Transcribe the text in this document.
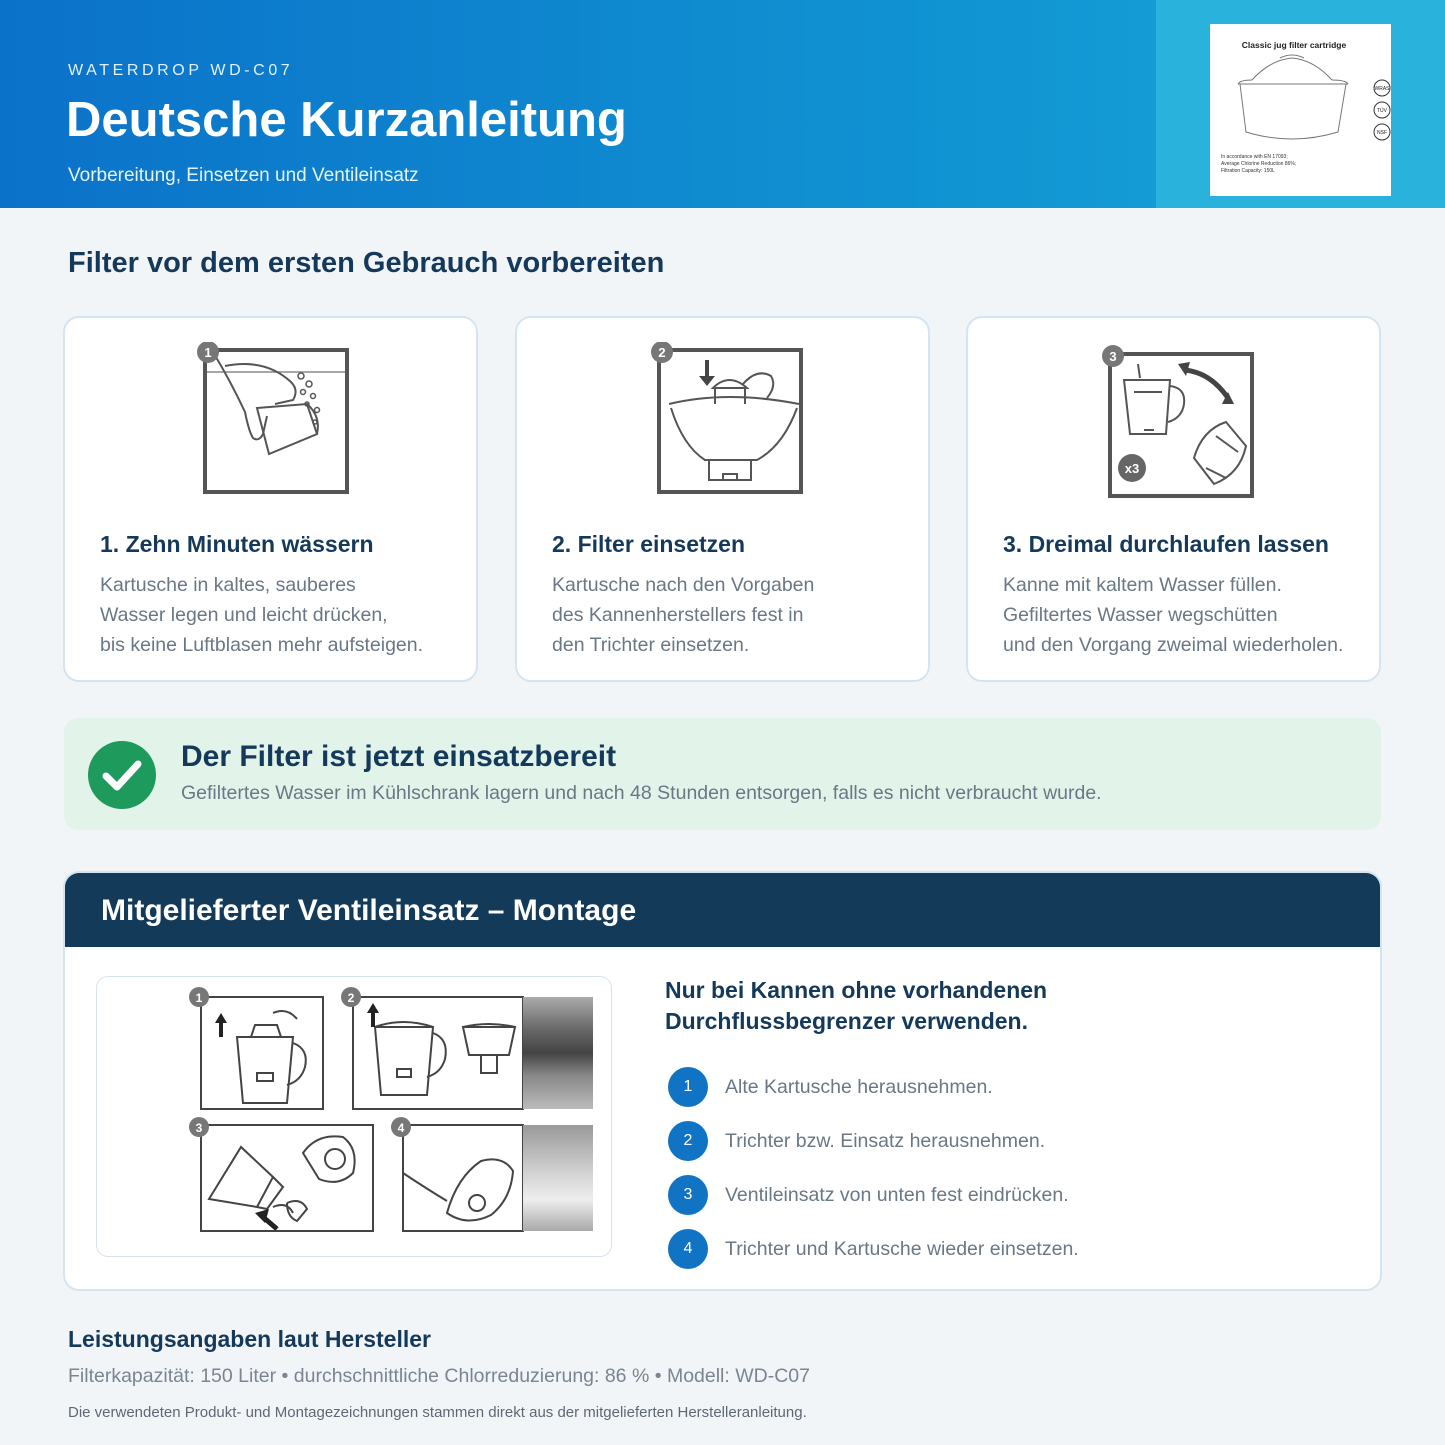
WATERDROP WD-C07
Deutsche Kurzanleitung
Vorbereitung, Einsetzen und Ventileinsatz
Classic jug filter cartridge
WRAS
TÜV
NSF
In accordance with EN 17093;
Average Chlorine Reduction 86%;
Filtration Capacity: 150L
Filter vor dem ersten Gebrauch vorbereiten
1
1. Zehn Minuten wässern
Kartusche in kaltes, sauberes
Wasser legen und leicht drücken,
bis keine Luftblasen mehr aufsteigen.
2
2. Filter einsetzen
Kartusche nach den Vorgaben
des Kannenherstellers fest in
den Trichter einsetzen.
x3
3
3. Dreimal durchlaufen lassen
Kanne mit kaltem Wasser füllen.
Gefiltertes Wasser wegschütten
und den Vorgang zweimal wiederholen.
Der Filter ist jetzt einsatzbereit
Gefiltertes Wasser im Kühlschrank lagern und nach 48 Stunden entsorgen, falls es nicht verbraucht wurde.
Mitgelieferter Ventileinsatz – Montage
1	2
3	4
Nur bei Kannen ohne vorhandenen
Durchflussbegrenzer verwenden.
1	Alte Kartusche herausnehmen.
2	Trichter bzw. Einsatz herausnehmen.
3	Ventileinsatz von unten fest eindrücken.
4	Trichter und Kartusche wieder einsetzen.
Leistungsangaben laut Hersteller
Filterkapazität: 150 Liter • durchschnittliche Chlorreduzierung: 86 % • Modell: WD-C07
Die verwendeten Produkt- und Montagezeichnungen stammen direkt aus der mitgelieferten Herstelleranleitung.
